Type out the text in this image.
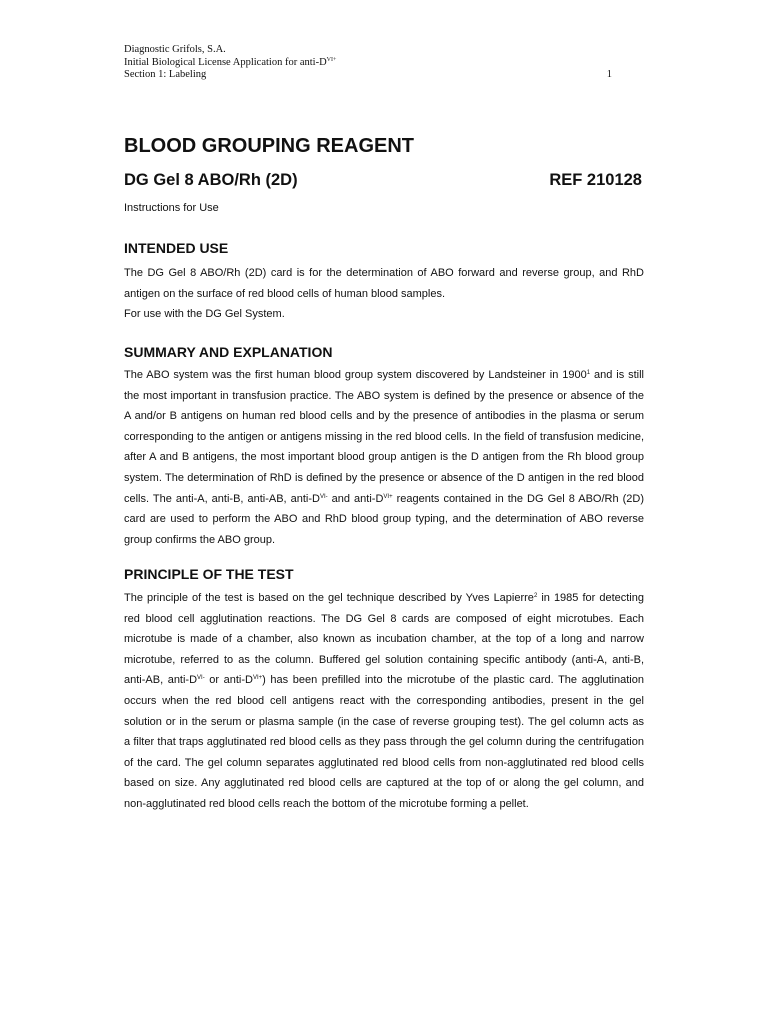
Diagnostic Grifols, S.A.
Initial Biological License Application for anti-$D^{VI+}$
Section 1: Labeling	1
BLOOD GROUPING REAGENT
DG Gel 8 ABO/Rh (2D)	REF 210128
Instructions for Use
INTENDED USE
The DG Gel 8 ABO/Rh (2D) card is for the determination of ABO forward and reverse group, and RhD
antigen on the surface of red blood cells of human blood samples.
For use with the DG Gel System.
SUMMARY AND EXPLANATION
The ABO system was the first human blood group system discovered by Landsteiner in 1900$^1$ and is still
the most important in transfusion practice. The ABO system is defined by the presence or absence of the
A and/or B antigens on human red blood cells and by the presence of antibodies in the plasma or serum
corresponding to the antigen or antigens missing in the red blood cells. In the field of transfusion medicine,
after A and B antigens, the most important blood group antigen is the D antigen from the Rh blood group
system. The determination of RhD is defined by the presence or absence of the D antigen in the red blood
cells. The anti-A, anti-B, anti-AB, anti-$D^{VI-}$ and anti-$D^{VI+}$ reagents contained in the DG Gel 8 ABO/Rh (2D)
card are used to perform the ABO and RhD blood group typing, and the determination of ABO reverse
group confirms the ABO group.
PRINCIPLE OF THE TEST
The principle of the test is based on the gel technique described by Yves Lapierre$^2$ in 1985 for detecting
red blood cell agglutination reactions. The DG Gel 8 cards are composed of eight microtubes. Each
microtube is made of a chamber, also known as incubation chamber, at the top of a long and narrow
microtube, referred to as the column. Buffered gel solution containing specific antibody (anti-A, anti-B,
anti-AB, anti-$D^{VI-}$ or anti-$D^{VI+}$) has been prefilled into the microtube of the plastic card. The agglutination
occurs when the red blood cell antigens react with the corresponding antibodies, present in the gel
solution or in the serum or plasma sample (in the case of reverse grouping test). The gel column acts as
a filter that traps agglutinated red blood cells as they pass through the gel column during the centrifugation
of the card. The gel column separates agglutinated red blood cells from non-agglutinated red blood cells
based on size. Any agglutinated red blood cells are captured at the top of or along the gel column, and
non-agglutinated red blood cells reach the bottom of the microtube forming a pellet.
